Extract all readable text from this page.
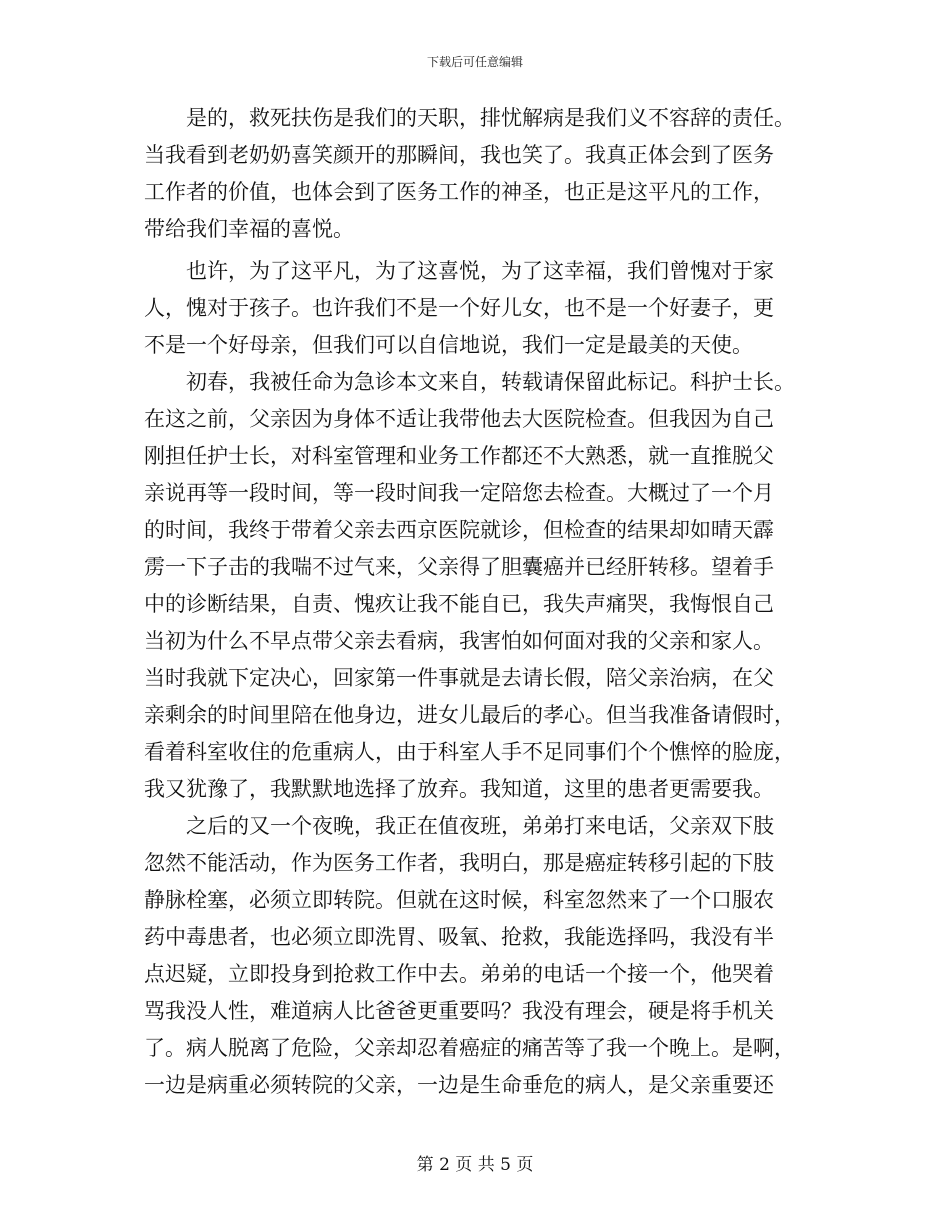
下载后可任意编辑
是的，救死扶伤是我们的天职，排忧解病是我们义不容辞的责任。
当我看到老奶奶喜笑颜开的那瞬间，我也笑了。我真正体会到了医务
工作者的价值，也体会到了医务工作的神圣，也正是这平凡的工作，
带给我们幸福的喜悦。
也许，为了这平凡，为了这喜悦，为了这幸福，我们曾愧对于家
人，愧对于孩子。也许我们不是一个好儿女，也不是一个好妻子，更
不是一个好母亲，但我们可以自信地说，我们一定是最美的天使。
初春，我被任命为急诊本文来自，转载请保留此标记。科护士长。
在这之前，父亲因为身体不适让我带他去大医院检查。但我因为自己
刚担任护士长，对科室管理和业务工作都还不大熟悉，就一直推脱父
亲说再等一段时间，等一段时间我一定陪您去检查。大概过了一个月
的时间，我终于带着父亲去西京医院就诊，但检查的结果却如晴天霹
雳一下子击的我喘不过气来，父亲得了胆囊癌并已经肝转移。望着手
中的诊断结果，自责、愧疚让我不能自已，我失声痛哭，我悔恨自己
当初为什么不早点带父亲去看病，我害怕如何面对我的父亲和家人。
当时我就下定决心，回家第一件事就是去请长假，陪父亲治病，在父
亲剩余的时间里陪在他身边，进女儿最后的孝心。但当我准备请假时，
看着科室收住的危重病人，由于科室人手不足同事们个个憔悴的脸庞，
我又犹豫了，我默默地选择了放弃。我知道，这里的患者更需要我。
之后的又一个夜晚，我正在值夜班，弟弟打来电话，父亲双下肢
忽然不能活动，作为医务工作者，我明白，那是癌症转移引起的下肢
静脉栓塞，必须立即转院。但就在这时候，科室忽然来了一个口服农
药中毒患者，也必须立即洗胃、吸氧、抢救，我能选择吗，我没有半
点迟疑，立即投身到抢救工作中去。弟弟的电话一个接一个，他哭着
骂我没人性，难道病人比爸爸更重要吗？我没有理会，硬是将手机关
了。病人脱离了危险，父亲却忍着癌症的痛苦等了我一个晚上。是啊，
一边是病重必须转院的父亲，一边是生命垂危的病人，是父亲重要还
第 2 页 共 5 页
